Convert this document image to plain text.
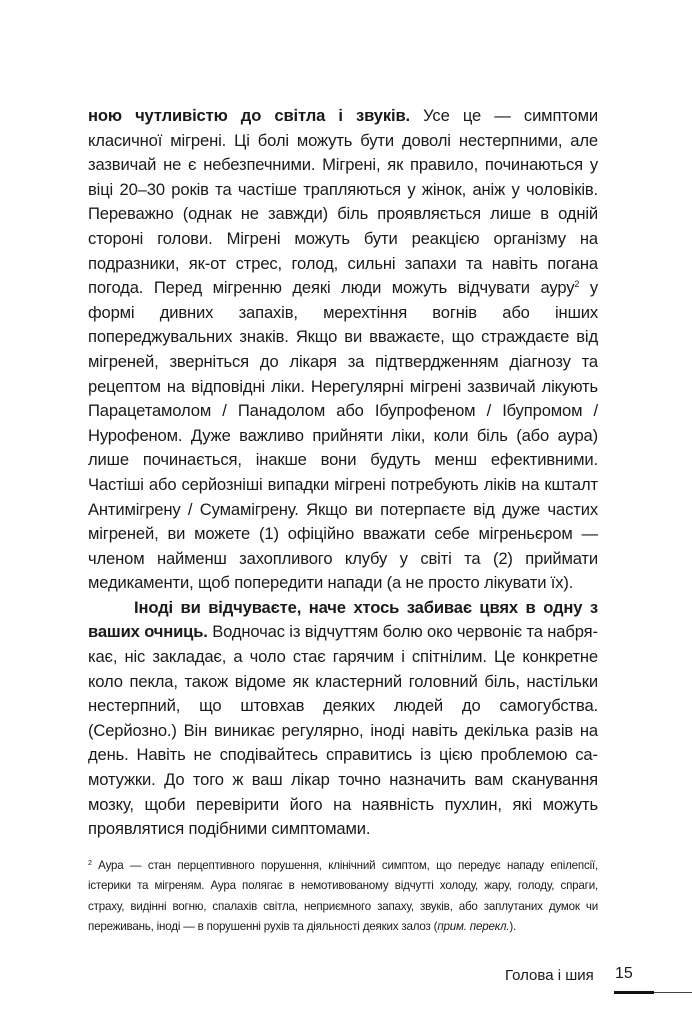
ною чутливістю до світла і звуків. Усе це — симптоми класичної мігрені. Ці болі можуть бути доволі нестерпними, але зазвичай не є небезпечними. Мігрені, як правило, починаються у віці 20–30 років та частіше трапляються у жінок, аніж у чоловіків. Переважно (однак не завжди) біль проявляється лише в одній стороні голови. Мігрені можуть бути реакцією організму на подразники, як-от стрес, голод, сильні запахи та навіть погана погода. Перед мігренню деякі люди можуть відчувати ауру$^2$ у формі дивних запахів, мерехтіння вогнів або інших попереджувальних знаків. Якщо ви вважаєте, що страждаєте від мігреней, зверніться до лікаря за підтвердженням діагнозу та рецептом на відповідні ліки. Нерегулярні мігрені зазвичай лікують Парацетамолом / Панадолом або Ібупрофеном / Ібупромом / Нурофеном. Дуже важливо прийняти ліки, коли біль (або аура) лише починається, інакше вони будуть менш ефективними. Частіші або серйозніші випадки мігрені потребують ліків на кшталт Антимігрену / Сумамігрену. Якщо ви потерпаєте від дуже частих мігреней, ви можете (1) офіційно вважати себе мігреньєром — членом найменш захопливого клубу у світі та (2) приймати медикаменти, щоб попередити напади (а не просто лікувати їх).

Іноді ви відчуваєте, наче хтось забиває цвях в одну з ваших очниць. Водночас із відчуттям болю око червоніє та набрякає, ніс закладає, а чоло стає гарячим і спітнілим. Це конкретне коло пекла, також відоме як кластерний головний біль, настільки нестерпний, що штовхав деяких людей до самогубства. (Серйозно.) Він виникає регулярно, іноді навіть декілька разів на день. Навіть не сподівайтесь справитись із цією проблемою самотужки. До того ж ваш лікар точно назначить вам сканування мозку, щоби перевірити його на наявність пухлин, які можуть проявлятися подібними симптомами.

$^2$ Аура — стан перцептивного порушення, клінічний симптом, що передує нападу епілепсії, істерики та мігреням. Аура полягає в немотивованому відчутті холоду, жару, голоду, спраги, страху, видінні вогню, спалахів світла, неприємного запаху, звуків, або заплутаних думок чи переживань, іноді — в порушенні рухів та діяльності деяких залоз (прим. перекл.).

Голова і шия 15
